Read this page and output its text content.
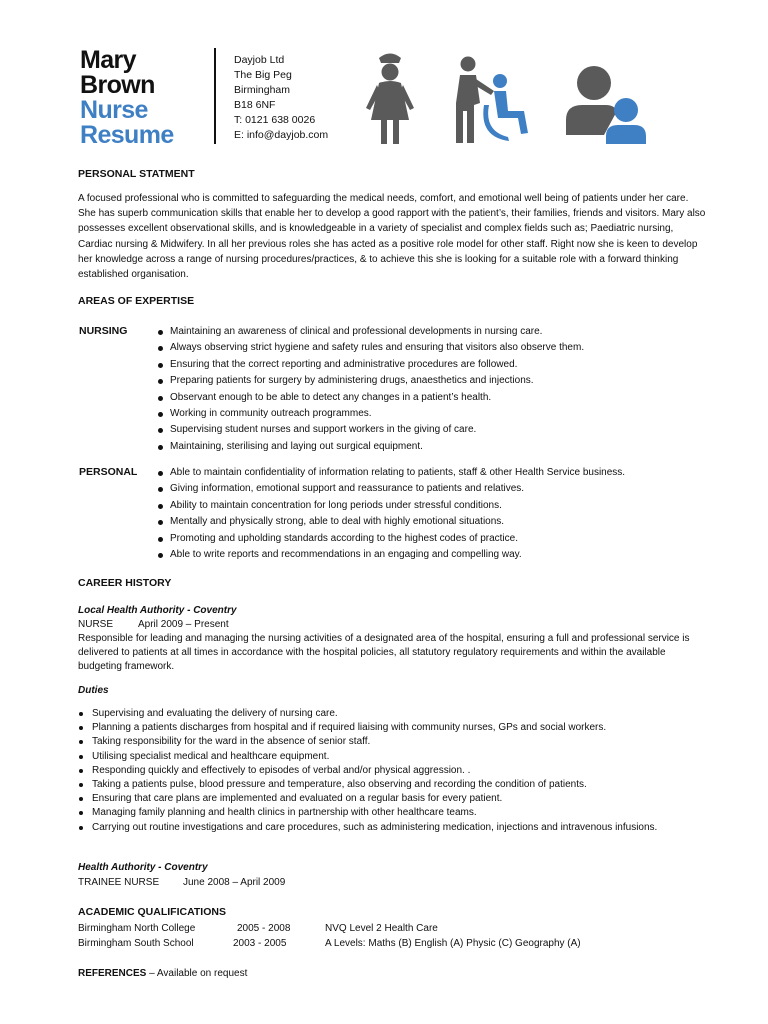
Mary
Brown
Nurse
Resume
Dayjob Ltd
The Big Peg
Birmingham
B18 6NF
T: 0121 638 0026
E: info@dayjob.com
PERSONAL STATMENT
A focused professional who is committed to safeguarding the medical needs, comfort, and emotional well being of patients under her care. She has superb communication skills that enable her to develop a good rapport with the patient’s, their families, friends and visitors. Mary also possesses excellent observational skills, and is knowledgeable in a variety of specialist and complex fields such as; Paediatric nursing, Cardiac nursing & Midwifery. In all her previous roles she has acted as a positive role model for other staff. Right now she is keen to develop her knowledge across a range of nursing procedures/practices, & to achieve this she is looking for a suitable role with a forward thinking established organisation.
AREAS OF EXPERTISE
NURSING	Maintaining an awareness of clinical and professional developments in nursing care.
Always observing strict hygiene and safety rules and ensuring that visitors also observe them.
Ensuring that the correct reporting and administrative procedures are followed.
Preparing patients for surgery by administering drugs, anaesthetics and injections.
Observant enough to be able to detect any changes in a patient’s health.
Working in community outreach programmes.
Supervising student nurses and support workers in the giving of care.
Maintaining, sterilising and laying out surgical equipment.
PERSONAL	Able to maintain confidentiality of information relating to patients, staff & other Health Service business.
Giving information, emotional support and reassurance to patients and relatives.
Ability to maintain concentration for long periods under stressful conditions.
Mentally and physically strong, able to deal with highly emotional situations.
Promoting and upholding standards according to the highest codes of practice.
Able to write reports and recommendations in an engaging and compelling way.
CAREER HISTORY
Local Health Authority - Coventry
NURSE April 2009 – Present
Responsible for leading and managing the nursing activities of a designated area of the hospital, ensuring a full and professional service is delivered to patients at all times in accordance with the hospital policies, all statutory regulatory requirements and within the available budgeting framework.
Duties
Supervising and evaluating the delivery of nursing care.
Planning a patients discharges from hospital and if required liaising with community nurses, GPs and social workers.
Taking responsibility for the ward in the absence of senior staff.
Utilising specialist medical and healthcare equipment.
Responding quickly and effectively to episodes of verbal and/or physical aggression. .
Taking a patients pulse, blood pressure and temperature, also observing and recording the condition of patients.
Ensuring that care plans are implemented and evaluated on a regular basis for every patient.
Managing family planning and health clinics in partnership with other healthcare teams.
Carrying out routine investigations and care procedures, such as administering medication, injections and intravenous infusions.
Health Authority - Coventry
TRAINEE NURSE June 2008 – April 2009
ACADEMIC QUALIFICATIONS
Birmingham North College	2005 - 2008	NVQ Level 2 Health Care
Birmingham South School	2003 - 2005	A Levels: Maths (B) English (A) Physic (C) Geography (A)
REFERENCES – Available on request
